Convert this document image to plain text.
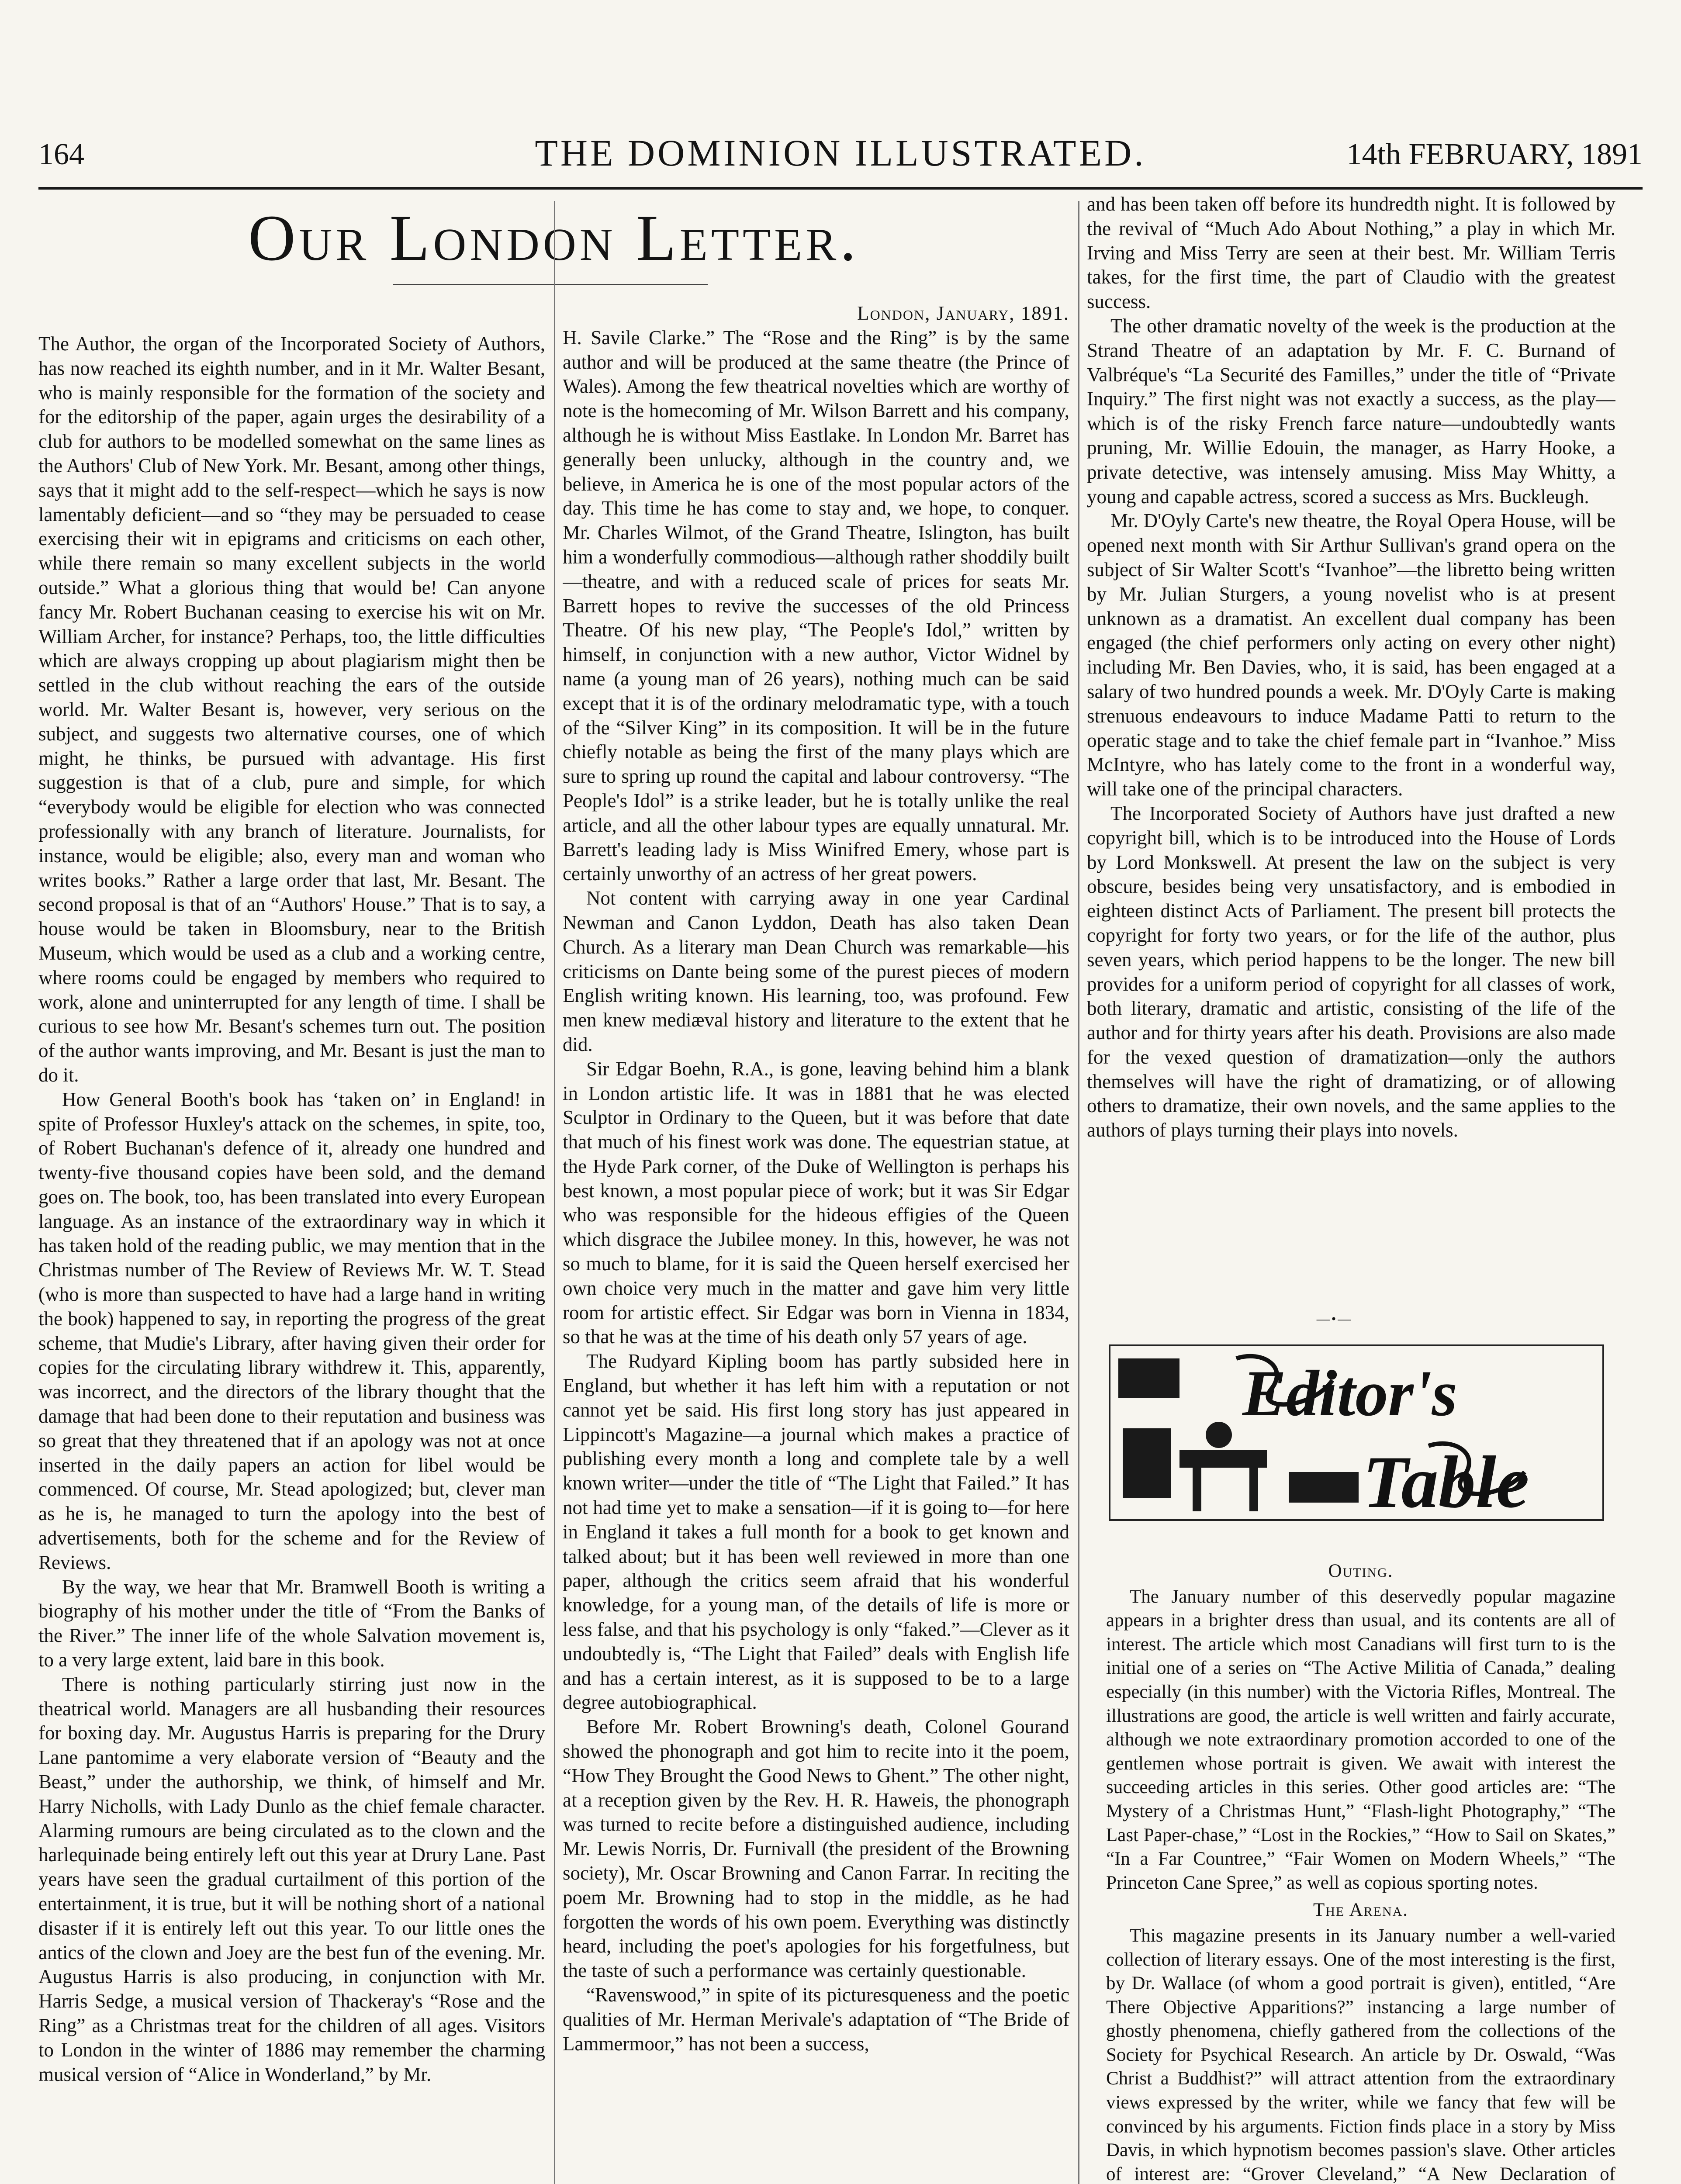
164	THE DOMINION ILLUSTRATED.	14th FEBRUARY, 1891
Our London Letter.

The Author, the organ of the Incorporated Society of Authors, has now reached its eighth number, and in it Mr. Walter Besant, who is mainly responsible for the formation of the society and for the editorship of the paper, again urges the desirability of a club for authors to be modelled somewhat on the same lines as the Authors' Club of New York. Mr. Besant, among other things, says that it might add to the self-respect—which he says is now lamentably deficient—and so “they may be persuaded to cease exercising their wit in epigrams and criticisms on each other, while there remain so many excellent subjects in the world outside.” What a glorious thing that would be! Can anyone fancy Mr. Robert Buchanan ceasing to exercise his wit on Mr. William Archer, for instance? Perhaps, too, the little difficulties which are always cropping up about plagiarism might then be settled in the club without reaching the ears of the outside world. Mr. Walter Besant is, however, very serious on the subject, and suggests two alternative courses, one of which might, he thinks, be pursued with advantage. His first suggestion is that of a club, pure and simple, for which “everybody would be eligible for election who was connected professionally with any branch of literature. Journalists, for instance, would be eligible; also, every man and woman who writes books.” Rather a large order that last, Mr. Besant. The second proposal is that of an “Authors' House.” That is to say, a house would be taken in Bloomsbury, near to the British Museum, which would be used as a club and a working centre, where rooms could be engaged by members who required to work, alone and uninterrupted for any length of time. I shall be curious to see how Mr. Besant's schemes turn out. The position of the author wants improving, and Mr. Besant is just the man to do it.

How General Booth's book has ‘taken on’ in England! in spite of Professor Huxley's attack on the schemes, in spite, too, of Robert Buchanan's defence of it, already one hundred and twenty-five thousand copies have been sold, and the demand goes on. The book, too, has been translated into every European language. As an instance of the extraordinary way in which it has taken hold of the reading public, we may mention that in the Christmas number of The Review of Reviews Mr. W. T. Stead (who is more than suspected to have had a large hand in writing the book) happened to say, in reporting the progress of the great scheme, that Mudie's Library, after having given their order for copies for the circulating library withdrew it. This, apparently, was incorrect, and the directors of the library thought that the damage that had been done to their reputation and business was so great that they threatened that if an apology was not at once inserted in the daily papers an action for libel would be commenced. Of course, Mr. Stead apologized; but, clever man as he is, he managed to turn the apology into the best of advertisements, both for the scheme and for the Review of Reviews.

By the way, we hear that Mr. Bramwell Booth is writing a biography of his mother under the title of “From the Banks of the River.” The inner life of the whole Salvation movement is, to a very large extent, laid bare in this book.

There is nothing particularly stirring just now in the theatrical world. Managers are all husbanding their resources for boxing day. Mr. Augustus Harris is preparing for the Drury Lane pantomime a very elaborate version of “Beauty and the Beast,” under the authorship, we think, of himself and Mr. Harry Nicholls, with Lady Dunlo as the chief female character. Alarming rumours are being circulated as to the clown and the harlequinade being entirely left out this year at Drury Lane. Past years have seen the gradual curtailment of this portion of the entertainment, it is true, but it will be nothing short of a national disaster if it is entirely left out this year. To our little ones the antics of the clown and Joey are the best fun of the evening. Mr. Augustus Harris is also producing, in conjunction with Mr. Harris Sedge, a musical version of Thackeray's “Rose and the Ring” as a Christmas treat for the children of all ages. Visitors to London in the winter of 1886 may remember the charming musical version of “Alice in Wonderland,” by Mr.

London, January, 1891.

H. Savile Clarke.” The “Rose and the Ring” is by the same author and will be produced at the same theatre (the Prince of Wales). Among the few theatrical novelties which are worthy of note is the homecoming of Mr. Wilson Barrett and his company, although he is without Miss Eastlake. In London Mr. Barret has generally been unlucky, although in the country and, we believe, in America he is one of the most popular actors of the day. This time he has come to stay and, we hope, to conquer. Mr. Charles Wilmot, of the Grand Theatre, Islington, has built him a wonderfully commodious—although rather shoddily built—theatre, and with a reduced scale of prices for seats Mr. Barrett hopes to revive the successes of the old Princess Theatre. Of his new play, “The People's Idol,” written by himself, in conjunction with a new author, Victor Widnel by name (a young man of 26 years), nothing much can be said except that it is of the ordinary melodramatic type, with a touch of the “Silver King” in its composition. It will be in the future chiefly notable as being the first of the many plays which are sure to spring up round the capital and labour controversy. “The People's Idol” is a strike leader, but he is totally unlike the real article, and all the other labour types are equally unnatural. Mr. Barrett's leading lady is Miss Winifred Emery, whose part is certainly unworthy of an actress of her great powers.

Not content with carrying away in one year Cardinal Newman and Canon Lyddon, Death has also taken Dean Church. As a literary man Dean Church was remarkable—his criticisms on Dante being some of the purest pieces of modern English writing known. His learning, too, was profound. Few men knew mediæval history and literature to the extent that he did.

Sir Edgar Boehn, R.A., is gone, leaving behind him a blank in London artistic life. It was in 1881 that he was elected Sculptor in Ordinary to the Queen, but it was before that date that much of his finest work was done. The equestrian statue, at the Hyde Park corner, of the Duke of Wellington is perhaps his best known, a most popular piece of work; but it was Sir Edgar who was responsible for the hideous effigies of the Queen which disgrace the Jubilee money. In this, however, he was not so much to blame, for it is said the Queen herself exercised her own choice very much in the matter and gave him very little room for artistic effect. Sir Edgar was born in Vienna in 1834, so that he was at the time of his death only 57 years of age.

The Rudyard Kipling boom has partly subsided here in England, but whether it has left him with a reputation or not cannot yet be said. His first long story has just appeared in Lippincott's Magazine—a journal which makes a practice of publishing every month a long and complete tale by a well known writer—under the title of “The Light that Failed.” It has not had time yet to make a sensation—if it is going to—for here in England it takes a full month for a book to get known and talked about; but it has been well reviewed in more than one paper, although the critics seem afraid that his wonderful knowledge, for a young man, of the details of life is more or less false, and that his psychology is only “faked.”—Clever as it undoubtedly is, “The Light that Failed” deals with English life and has a certain interest, as it is supposed to be to a large degree autobiographical.

Before Mr. Robert Browning's death, Colonel Gourand showed the phonograph and got him to recite into it the poem, “How They Brought the Good News to Ghent.” The other night, at a reception given by the Rev. H. R. Haweis, the phonograph was turned to recite before a distinguished audience, including Mr. Lewis Norris, Dr. Furnivall (the president of the Browning society), Mr. Oscar Browning and Canon Farrar. In reciting the poem Mr. Browning had to stop in the middle, as he had forgotten the words of his own poem. Everything was distinctly heard, including the poet's apologies for his forgetfulness, but the taste of such a performance was certainly questionable.

“Ravenswood,” in spite of its picturesqueness and the poetic qualities of Mr. Herman Merivale's adaptation of “The Bride of Lammermoor,” has not been a success,

and has been taken off before its hundredth night. It is followed by the revival of “Much Ado About Nothing,” a play in which Mr. Irving and Miss Terry are seen at their best. Mr. William Terris takes, for the first time, the part of Claudio with the greatest success.

The other dramatic novelty of the week is the production at the Strand Theatre of an adaptation by Mr. F. C. Burnand of Valbréque's “La Securité des Familles,” under the title of “Private Inquiry.” The first night was not exactly a success, as the play—which is of the risky French farce nature—undoubtedly wants pruning, Mr. Willie Edouin, the manager, as Harry Hooke, a private detective, was intensely amusing. Miss May Whitty, a young and capable actress, scored a success as Mrs. Buckleugh.

Mr. D'Oyly Carte's new theatre, the Royal Opera House, will be opened next month with Sir Arthur Sullivan's grand opera on the subject of Sir Walter Scott's “Ivanhoe”—the libretto being written by Mr. Julian Sturgers, a young novelist who is at present unknown as a dramatist. An excellent dual company has been engaged (the chief performers only acting on every other night) including Mr. Ben Davies, who, it is said, has been engaged at a salary of two hundred pounds a week. Mr. D'Oyly Carte is making strenuous endeavours to induce Madame Patti to return to the operatic stage and to take the chief female part in “Ivanhoe.” Miss McIntyre, who has lately come to the front in a wonderful way, will take one of the principal characters.

The Incorporated Society of Authors have just drafted a new copyright bill, which is to be introduced into the House of Lords by Lord Monkswell. At present the law on the subject is very obscure, besides being very unsatisfactory, and is embodied in eighteen distinct Acts of Parliament. The present bill protects the copyright for forty two years, or for the life of the author, plus seven years, which period happens to be the longer. The new bill provides for a uniform period of copyright for all classes of work, both literary, dramatic and artistic, consisting of the life of the author and for thirty years after his death. Provisions are also made for the vexed question of dramatization—only the authors themselves will have the right of dramatizing, or of allowing others to dramatize, their own novels, and the same applies to the authors of plays turning their plays into novels.

—•—
Editor's
Table

Outing.

The January number of this deservedly popular magazine appears in a brighter dress than usual, and its contents are all of interest. The article which most Canadians will first turn to is the initial one of a series on “The Active Militia of Canada,” dealing especially (in this number) with the Victoria Rifles, Montreal. The illustrations are good, the article is well written and fairly accurate, although we note extraordinary promotion accorded to one of the gentlemen whose portrait is given. We await with interest the succeeding articles in this series. Other good articles are: “The Mystery of a Christmas Hunt,” “Flash-light Photography,” “The Last Paper-chase,” “Lost in the Rockies,” “How to Sail on Skates,” “In a Far Countree,” “Fair Women on Modern Wheels,” “The Princeton Cane Spree,” as well as copious sporting notes.

The Arena.

This magazine presents in its January number a well-varied collection of literary essays. One of the most interesting is the first, by Dr. Wallace (of whom a good portrait is given), entitled, “Are There Objective Apparitions?” instancing a large number of ghostly phenomena, chiefly gathered from the collections of the Society for Psychical Research. An article by Dr. Oswald, “Was Christ a Buddhist?” will attract attention from the extraordinary views expressed by the writer, while we fancy that few will be convinced by his arguments. Fiction finds place in a story by Miss Davis, in which hypnotism becomes passion's slave. Other articles of interest are: “Grover Cleveland,” “A New Declaration of
